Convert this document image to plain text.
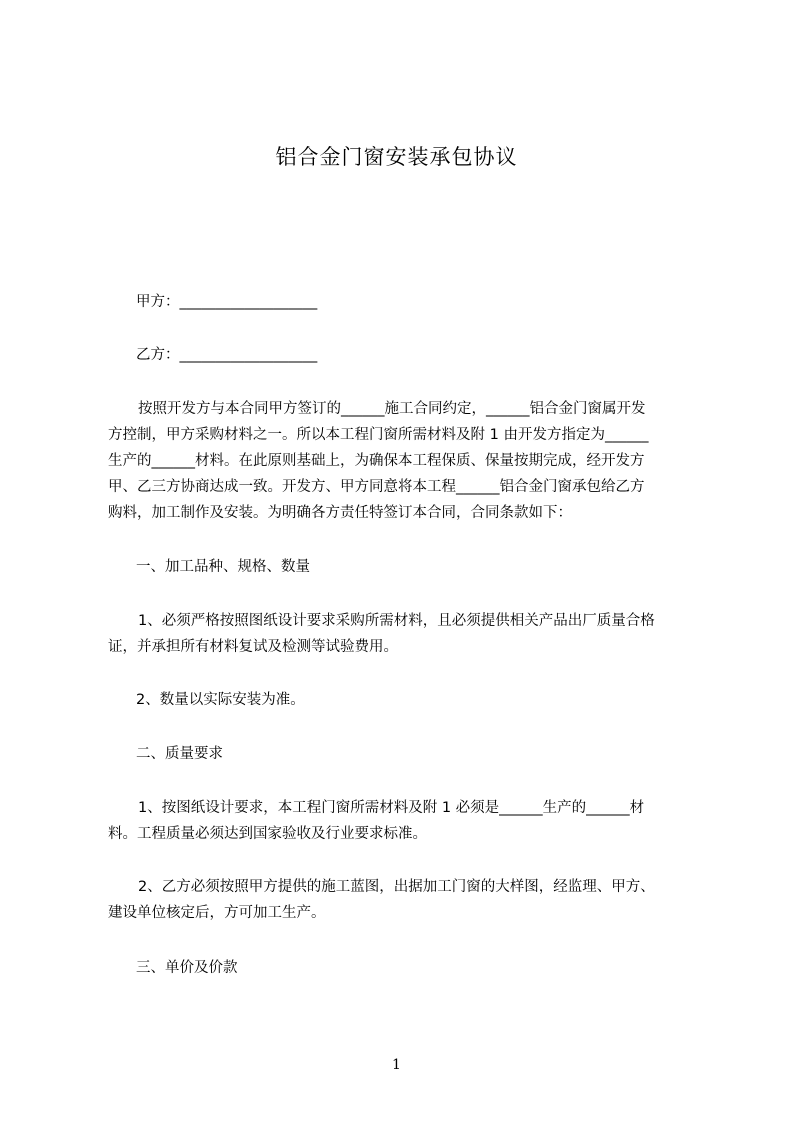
铝合金门窗安装承包协议
甲方：___________________
乙方：___________________
按照开发方与本合同甲方签订的______施工合同约定，______铝合金门窗属开发
方控制，甲方采购材料之一。所以本工程门窗所需材料及附 1 由开发方指定为______
生产的______材料。在此原则基础上，为确保本工程保质、保量按期完成，经开发方
甲、乙三方协商达成一致。开发方、甲方同意将本工程______铝合金门窗承包给乙方
购料，加工制作及安装。为明确各方责任特签订本合同，合同条款如下：
一、加工品种、规格、数量
1、必须严格按照图纸设计要求采购所需材料，且必须提供相关产品出厂质量合格
证，并承担所有材料复试及检测等试验费用。
2、数量以实际安装为准。
二、质量要求
1、按图纸设计要求，本工程门窗所需材料及附 1 必须是______生产的______材
料。工程质量必须达到国家验收及行业要求标准。
2、乙方必须按照甲方提供的施工蓝图，出据加工门窗的大样图，经监理、甲方、
建设单位核定后，方可加工生产。
三、单价及价款
1
